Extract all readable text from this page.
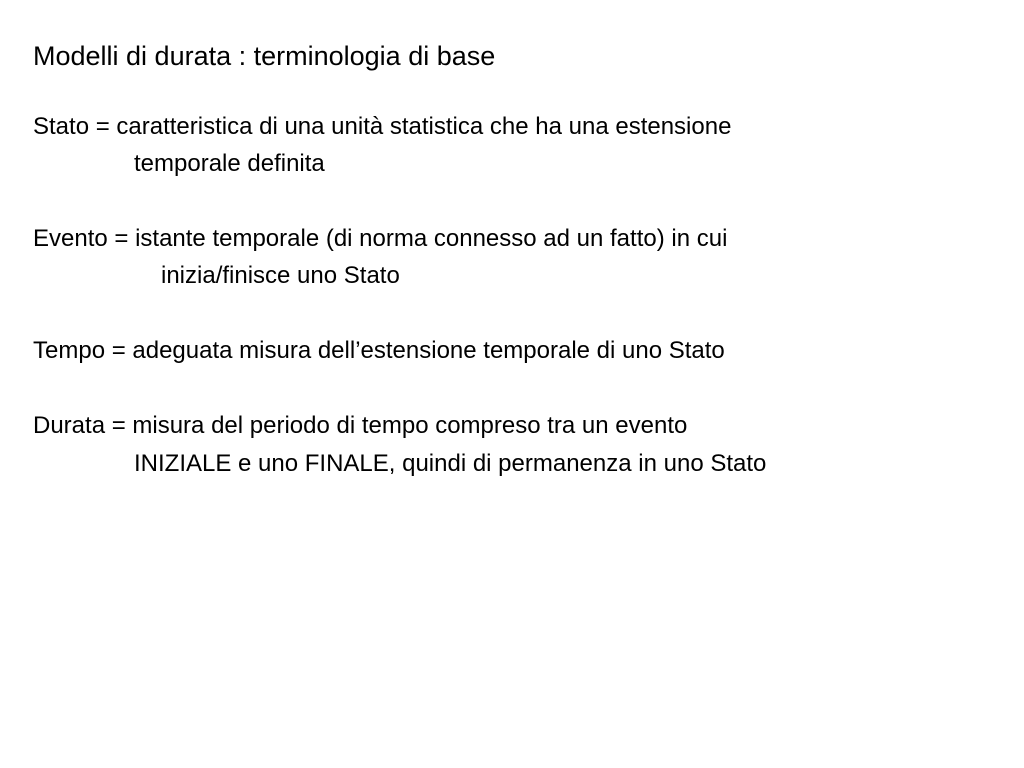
Modelli di durata : terminologia di base
Stato = caratteristica di una unità statistica che ha una estensione
temporale definita
Evento = istante temporale (di norma connesso ad un fatto) in cui
inizia/finisce uno Stato
Tempo = adeguata misura dell’estensione temporale di uno Stato
Durata = misura del periodo di tempo compreso tra un evento
INIZIALE e uno FINALE, quindi di permanenza in uno Stato
